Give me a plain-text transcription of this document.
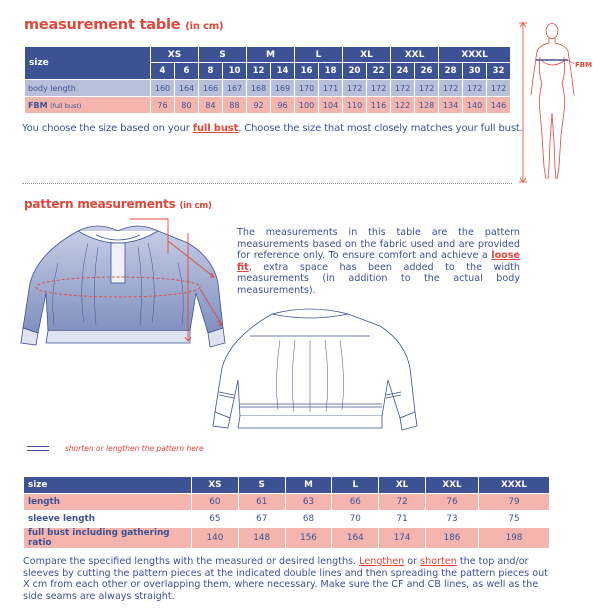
measurement table (in cm)
size	XS		S		M		L		XL		XXL		XXXL		
	4	6	8	10	12	14	16	18	20	22	24	26	28	30	32
body length	160	164	166	167	168	169	170	171	172	172	172	172	172	172	172
FBM (full bust)	76	80	84	88	92	96	100	104	110	116	122	128	134	140	146
You choose the size based on your full bust. Choose the size that most closely matches your full bust.
FBM
pattern measurements (in cm)
The measurements in this table are the pattern measurements based on the fabric used and are provided for reference only. To ensure comfort and achieve a loose fit, extra space has been added to the width measurements (in addition to the actual body measurements).
shorten or lengthen the pattern here
size	XS	S	M	L	XL	XXL	XXXL
length	60	61	63	66	72	76	79
sleeve length	65	67	68	70	71	73	75
full bust including gathering ratio	140	148	156	164	174	186	198
Compare the specified lengths with the measured or desired lengths. Lengthen or shorten the top and/or sleeves by cutting the pattern pieces at the indicated double lines and then spreading the pattern pieces out X cm from each other or overlapping them, where necessary. Make sure the CF and CB lines, as well as the side seams are always straight.
